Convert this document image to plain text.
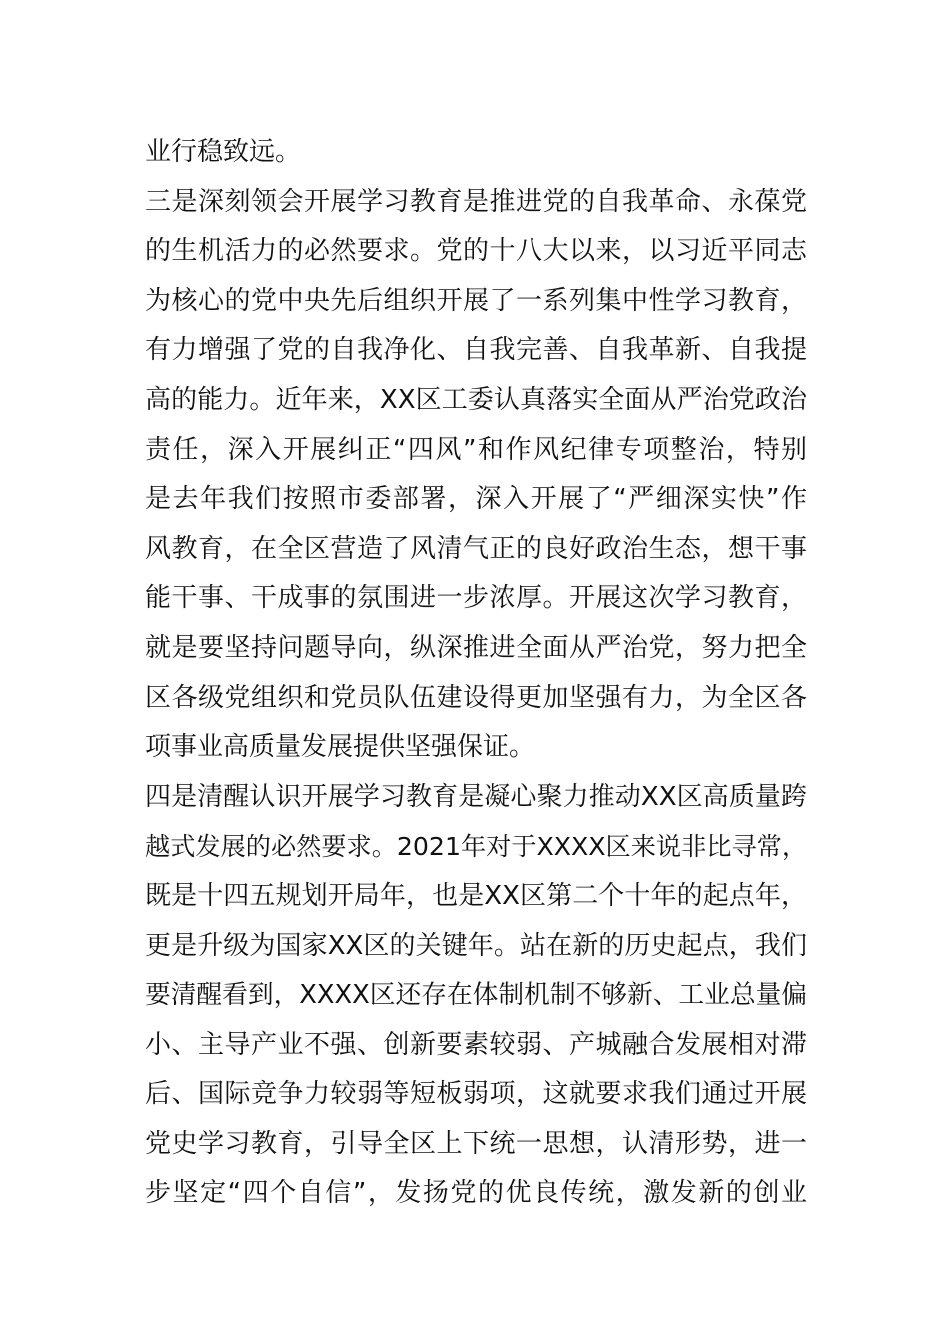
业行稳致远。
三是深刻领会开展学习教育是推进党的自我革命、永葆党
的生机活力的必然要求。党的十八大以来，以习近平同志
为核心的党中央先后组织开展了一系列集中性学习教育，
有力增强了党的自我净化、自我完善、自我革新、自我提
高的能力。近年来，XX区工委认真落实全面从严治党政治
责任，深入开展纠正“四风”和作风纪律专项整治，特别
是去年我们按照市委部署，深入开展了“严细深实快”作
风教育，在全区营造了风清气正的良好政治生态，想干事
能干事、干成事的氛围进一步浓厚。开展这次学习教育，
就是要坚持问题导向，纵深推进全面从严治党，努力把全
区各级党组织和党员队伍建设得更加坚强有力，为全区各
项事业高质量发展提供坚强保证。
四是清醒认识开展学习教育是凝心聚力推动XX区高质量跨
越式发展的必然要求。2021年对于XXXX区来说非比寻常，
既是十四五规划开局年，也是XX区第二个十年的起点年，
更是升级为国家XX区的关键年。站在新的历史起点，我们
要清醒看到，XXXX区还存在体制机制不够新、工业总量偏
小、主导产业不强、创新要素较弱、产城融合发展相对滞
后、国际竞争力较弱等短板弱项，这就要求我们通过开展
党史学习教育，引导全区上下统一思想，认清形势，进一
步坚定“四个自信”，发扬党的优良传统，激发新的创业
